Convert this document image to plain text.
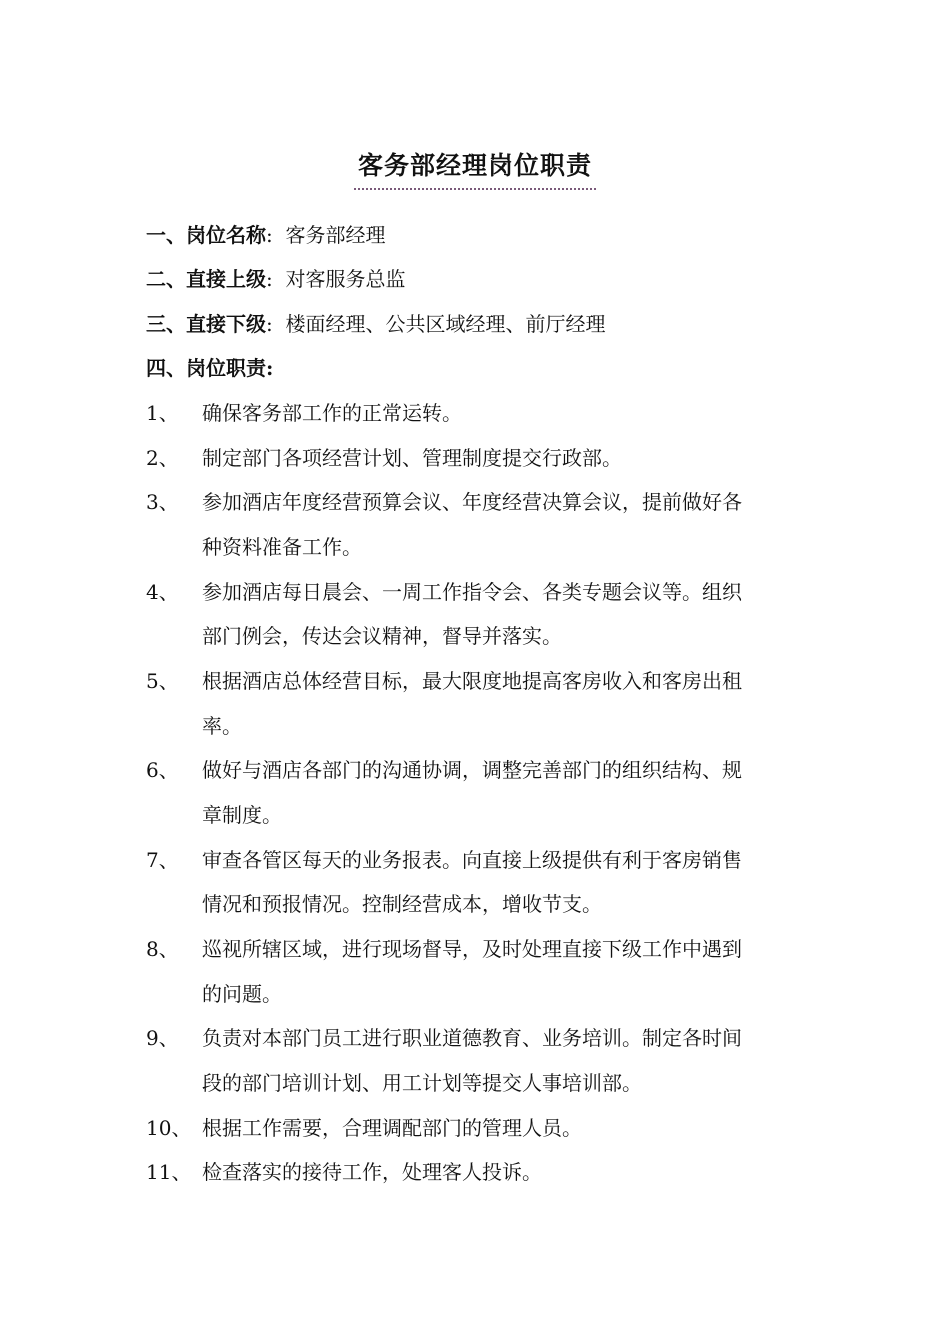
客务部经理岗位职责
一、岗位名称: 客务部经理
二、直接上级: 对客服务总监
三、直接下级: 楼面经理、公共区域经理、前厅经理
四、岗位职责:
1、 确保客务部工作的正常运转。
2、 制定部门各项经营计划、管理制度提交行政部。
3、 参加酒店年度经营预算会议、年度经营决算会议，提前做好各
种资料准备工作。
4、 参加酒店每日晨会、一周工作指令会、各类专题会议等。组织
部门例会，传达会议精神，督导并落实。
5、 根据酒店总体经营目标，最大限度地提高客房收入和客房出租
率。
6、 做好与酒店各部门的沟通协调，调整完善部门的组织结构、规
章制度。
7、 审查各管区每天的业务报表。向直接上级提供有利于客房销售
情况和预报情况。控制经营成本，增收节支。
8、 巡视所辖区域，进行现场督导，及时处理直接下级工作中遇到
的问题。
9、 负责对本部门员工进行职业道德教育、业务培训。制定各时间
段的部门培训计划、用工计划等提交人事培训部。
10、 根据工作需要，合理调配部门的管理人员。
11、 检查落实的接待工作，处理客人投诉。
